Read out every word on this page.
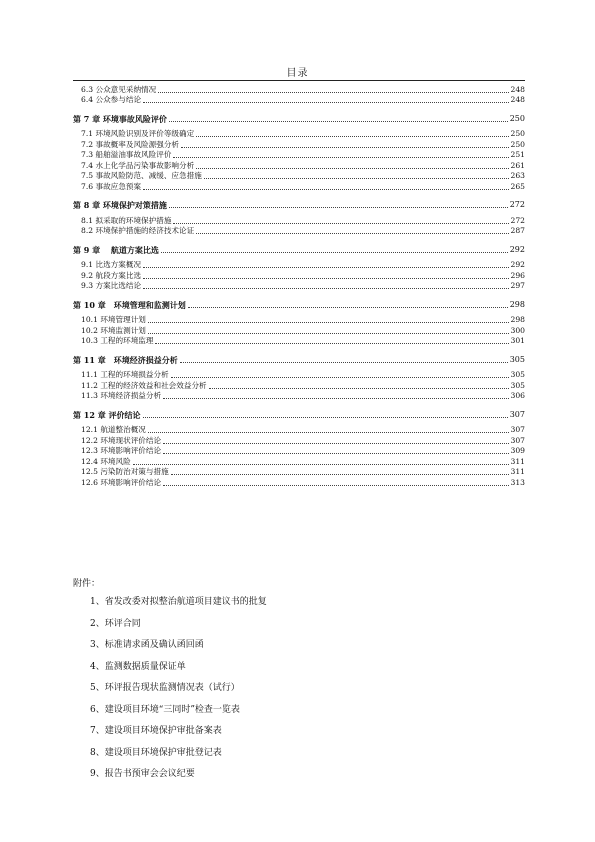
目录
6.3 公众意见采纳情况	248
6.4 公众参与结论	248
第 7 章 环境事故风险评价	250
7.1 环境风险识别及评价等级确定	250
7.2 事故概率及风险源强分析	250
7.3 船舶溢油事故风险评价	251
7.4 水上化学品污染事故影响分析	261
7.5 事故风险防范、减缓、应急措施	263
7.6 事故应急预案	265
第 8 章 环境保护对策措施	272
8.1 拟采取的环境保护措施	272
8.2 环境保护措施的经济技术论证	287
第 9 章　 航道方案比选	292
9.1 比选方案概况	292
9.2 航段方案比选	296
9.3 方案比选结论	297
第 10 章　环境管理和监测计划	298
10.1 环境管理计划	298
10.2 环境监测计划	300
10.3 工程的环境监理	301
第 11 章　环境经济损益分析	305
11.1 工程的环境损益分析	305
11.2 工程的经济效益和社会效益分析	305
11.3 环境经济损益分析	306
第 12 章 评价结论	307
12.1 航道整治概况	307
12.2 环境现状评价结论	307
12.3 环境影响评价结论	309
12.4 环境风险	311
12.5 污染防治对策与措施	311
12.6 环境影响评价结论	313
附件：
1、省发改委对拟整治航道项目建议书的批复
2、环评合同
3、标准请求函及确认函回函
4、监测数据质量保证单
5、环评报告现状监测情况表（试行）
6、建设项目环境“三同时”检查一览表
7、建设项目环境保护审批备案表
8、建设项目环境保护审批登记表
9、报告书预审会会议纪要
